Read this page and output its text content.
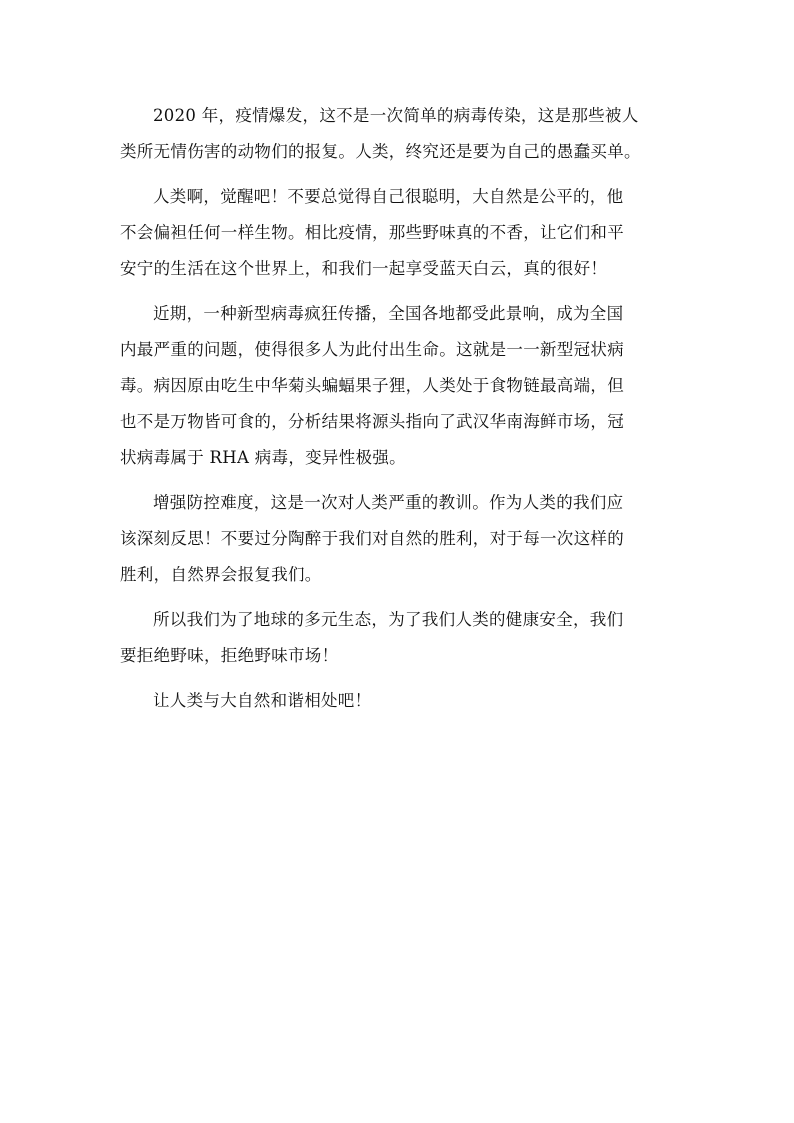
2020 年，疫情爆发，这不是一次简单的病毒传染，这是那些被人
类所无情伤害的动物们的报复。人类，终究还是要为自己的愚蠢买单。

人类啊，觉醒吧！不要总觉得自己很聪明，大自然是公平的，他
不会偏袒任何一样生物。相比疫情，那些野味真的不香，让它们和平
安宁的生活在这个世界上，和我们一起享受蓝天白云，真的很好！

近期，一种新型病毒疯狂传播，全国各地都受此景响，成为全国
内最严重的问题，使得很多人为此付出生命。这就是一一新型冠状病
毒。病因原由吃生中华菊头蝙蝠果子狸，人类处于食物链最高端，但
也不是万物皆可食的，分析结果将源头指向了武汉华南海鲜市场，冠
状病毒属于 RHA 病毒，变异性极强。

增强防控难度，这是一次对人类严重的教训。作为人类的我们应
该深刻反思！不要过分陶醉于我们对自然的胜利，对于每一次这样的
胜利，自然界会报复我们。

所以我们为了地球的多元生态，为了我们人类的健康安全，我们
要拒绝野味，拒绝野味市场！

让人类与大自然和谐相处吧！
